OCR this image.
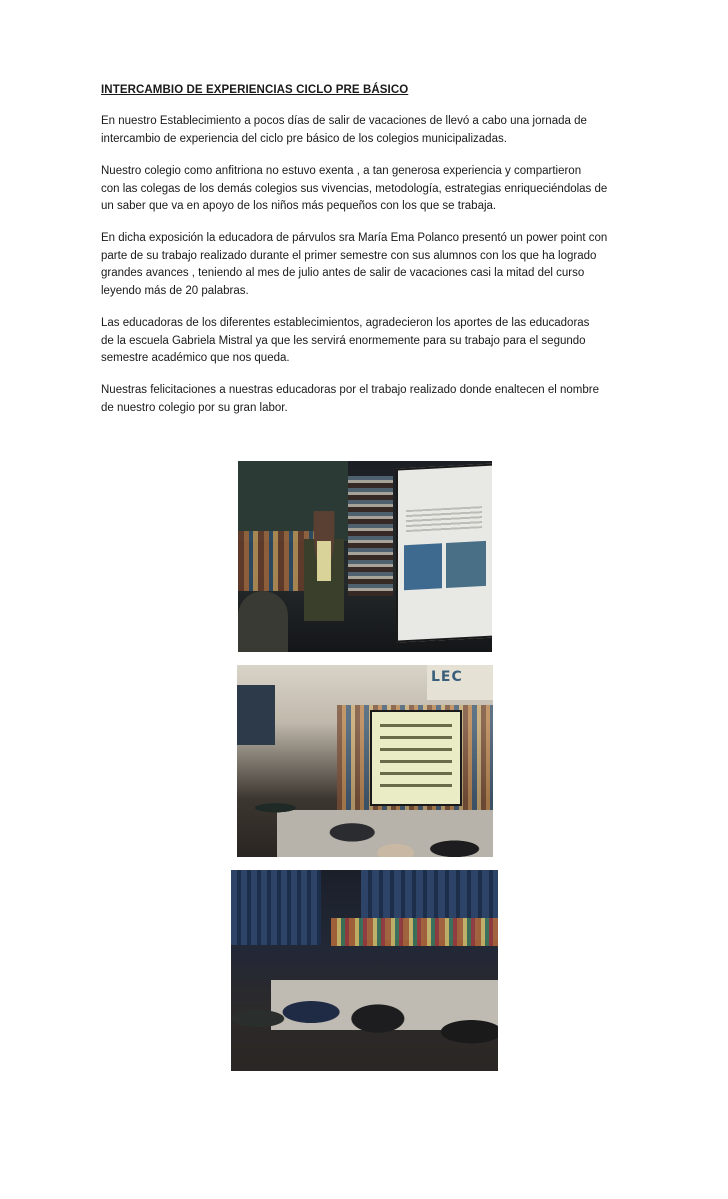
INTERCAMBIO DE EXPERIENCIAS CICLO PRE BÁSICO
En nuestro Establecimiento a pocos días de salir de vacaciones de llevó a cabo una jornada de
intercambio de experiencia del ciclo pre básico de los colegios municipalizadas.
Nuestro colegio como anfitriona no estuvo exenta , a tan generosa experiencia y compartieron
con las colegas de los demás colegios sus vivencias, metodología, estrategias enriqueciéndolas de
un saber que va en apoyo de los niños más pequeños con los que se trabaja.
En dicha exposición la educadora de párvulos sra María Ema Polanco presentó un power point con
parte de su trabajo realizado durante el primer semestre con sus alumnos con los que ha logrado
grandes avances , teniendo al mes de julio antes de salir de vacaciones casi la mitad del curso
leyendo más de 20 palabras.
Las educadoras de los diferentes establecimientos, agradecieron los aportes de las educadoras
de la escuela Gabriela Mistral ya que les servirá enormemente para su trabajo para el segundo
semestre académico que nos queda.
Nuestras felicitaciones a nuestras educadoras por el trabajo realizado donde enaltecen el nombre
de nuestro colegio por su gran labor.
LEC
